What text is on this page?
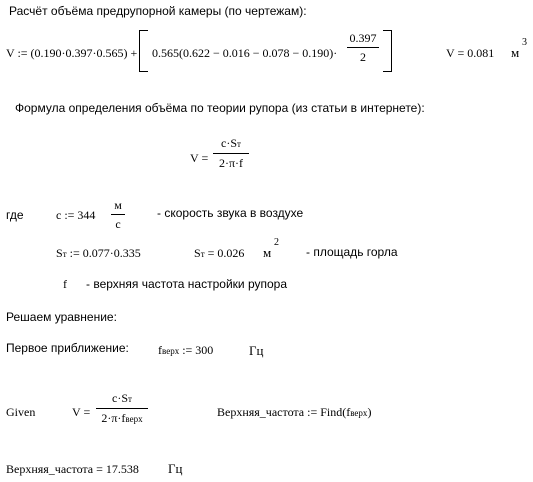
Расчёт объёма предрупорной камеры (по чертежам):
V := $(0.190\cdot 0.397\cdot 0.565) + 0.565(0.622 - 0.016 - 0.078 - 0.190)\cdot \frac{0.397}{2}$	V = 0.081 м
3
Формула определения объёма по теории рупора (из статьи в интернете):
V =
c·Sт
2·π·f
где	c := 344
м
с
- скорость звука в воздухе
Sт := 0.077·0.335	Sт = 0.026 м
2
- площадь горла
f - верхняя частота настройки рупора
Решаем уравнение:
Первое приближение: fверх := 300	Гц
Given	V =
c·Sт
2·π·fверх	Верхняя_частота := Find(fверх)
Верхняя_частота = 17.538 Гц
